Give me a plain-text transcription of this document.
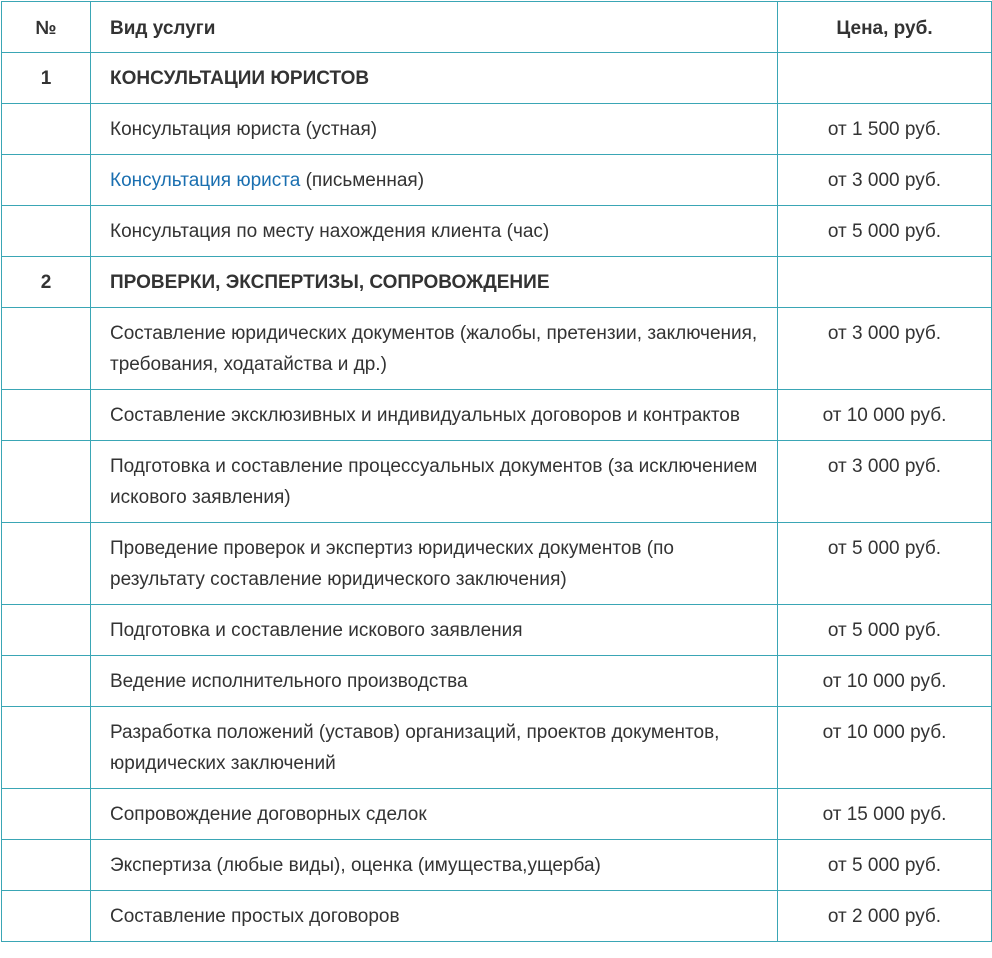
№	Вид услуги	Цена, руб.
1	КОНСУЛЬТАЦИИ ЮРИСТОВ	
	Консультация юриста (устная)	от 1 500 руб.
	Консультация юриста (письменная)	от 3 000 руб.
	Консультация по месту нахождения клиента (час)	от 5 000 руб.
2	ПРОВЕРКИ, ЭКСПЕРТИЗЫ, СОПРОВОЖДЕНИЕ	
	Составление юридических документов (жалобы, претензии, заключения, требования, ходатайства и др.)	от 3 000 руб.
	Составление эксклюзивных и индивидуальных договоров и контрактов	от 10 000 руб.
	Подготовка и составление процессуальных документов (за исключением искового заявления)	от 3 000 руб.
	Проведение проверок и экспертиз юридических документов (по результату составление юридического заключения)	от 5 000 руб.
	Подготовка и составление искового заявления	от 5 000 руб.
	Ведение исполнительного производства	от 10 000 руб.
	Разработка положений (уставов) организаций, проектов документов, юридических заключений	от 10 000 руб.
	Сопровождение договорных сделок	от 15 000 руб.
	Экспертиза (любые виды), оценка (имущества,ущерба)	от 5 000 руб.
	Составление простых договоров	от 2 000 руб.
